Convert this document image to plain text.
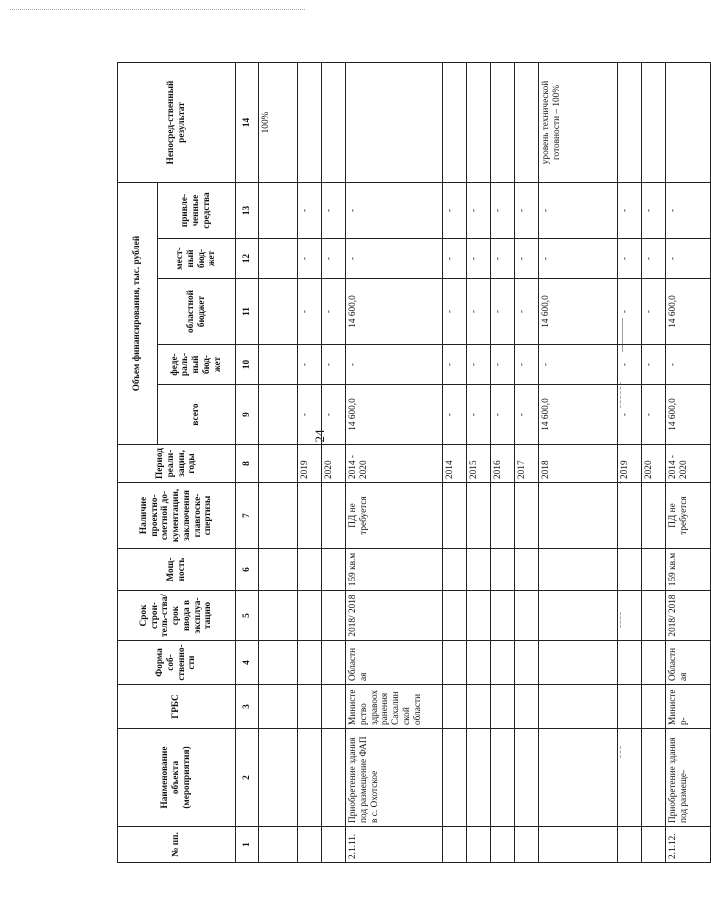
24
№ пп.	Наименование объекта (мероприятия)	ГРБС	Форма соб-ственно-сти	Срок строи-тель-ства/срок ввода в эксплуа-тацию	Мощ-ность	Наличие проектно-сметной до-кументации, заключения главгоске-спертизы	Период реали-зации, годы	Объем финансирования, тыс. рублей					Непосред-ственный результат
								всего	феде-раль-ный бюд-жет	областной бюджет	мест-ный бюд-жет	привле-ченные средства	
1	2	3	4	5	6	7	8	9	10	11	12	13	14
													100%
							2019	-	-	-	-	-	
							2020	-	-	-	-	-	
2.1.11.	Приобретение здания под размещение ФАП в с. Охотское	Министерство здравоохранения Сахалинской области	Областная	2018/ 2018	159 кв.м	ПД не требуется	2014 - 2020	14 600,0	-	14 600,0	-	-	
							2014	-	-	-	-	-	
							2015	-	-	-	-	-	
							2016	-	-	-	-	-	
							2017	-	-	-	-	-	
							2018	14 600,0	-	14 600,0	-	-	уровень технической готовности – 100%
							2019	-	-	-	-	-	
							2020	-	-	-	-	-	
2.1.12.	Приобретение здания под размеще-	Министер-	Областная	2018/ 2018	159 кв.м	ПД не требуется	2014 - 2020	14 600,0	-	14 600,0	-	-	
